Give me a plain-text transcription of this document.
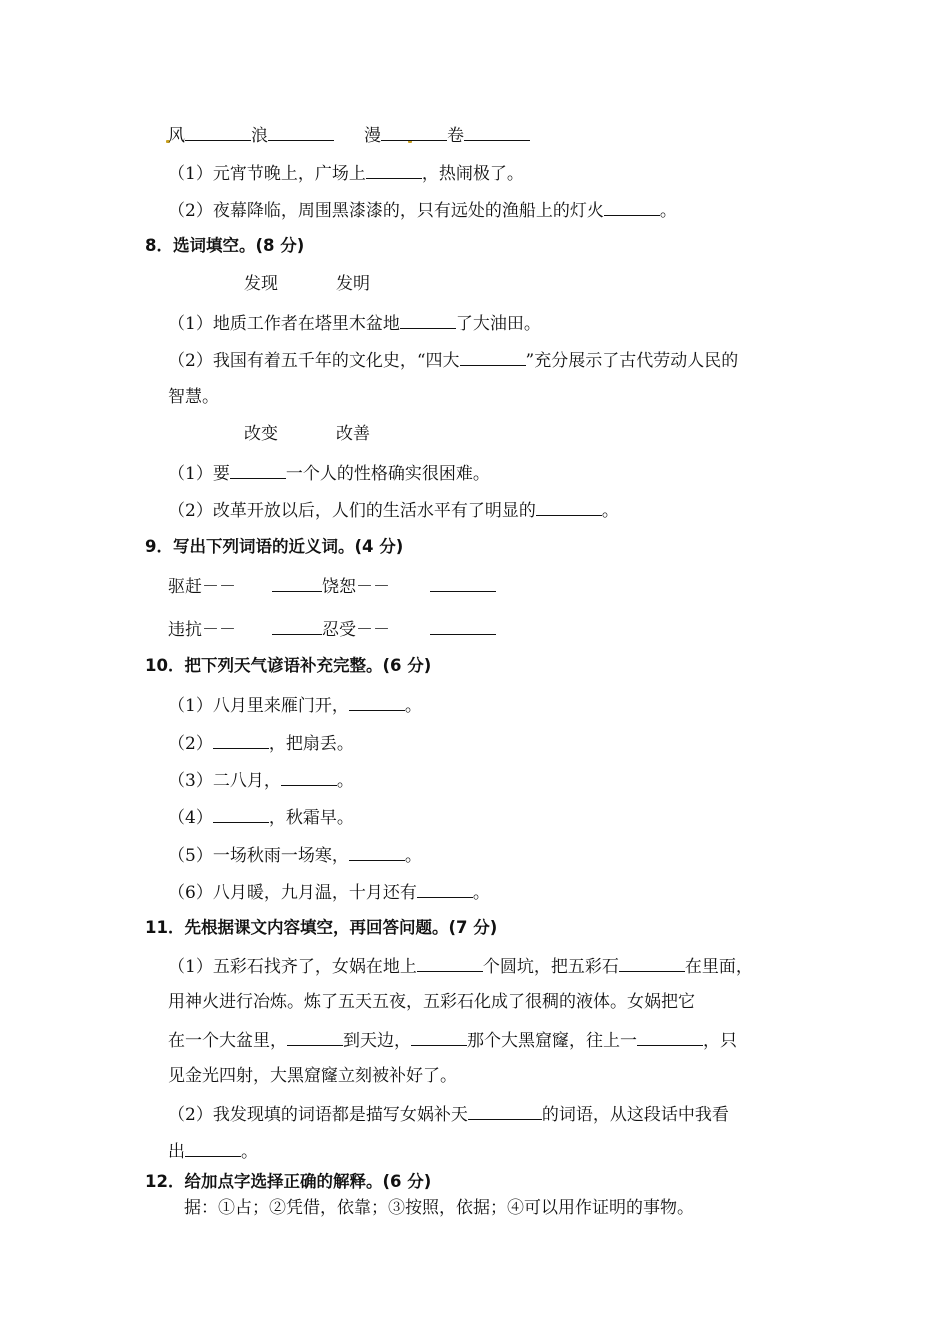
风	浪	漫	卷
（1）元宵节晚上，广场上	，热闹极了。
（2）夜幕降临，周围黑漆漆的，只有远处的渔船上的灯火	。
8．选词填空。(8 分)
发现	发明
（1）地质工作者在塔里木盆地	了大油田。
（2）我国有着五千年的文化史，“四大	”充分展示了古代劳动人民的
智慧。
改变	改善
（1）要	一个人的性格确实很困难。
（2）改革开放以后，人们的生活水平有了明显的	。
9．写出下列词语的近义词。(4 分)
驱赶－－	饶恕－－
违抗－－	忍受－－
10．把下列天气谚语补充完整。(6 分)
（1）八月里来雁门开，	。
（2）	，把扇丢。
（3）二八月，	。
（4）	，秋霜早。
（5）一场秋雨一场寒，	。
（6）八月暖，九月温，十月还有	。
11．先根据课文内容填空，再回答问题。(7 分)
（1）五彩石找齐了，女娲在地上	个圆坑，把五彩石	在里面，
用神火进行冶炼。炼了五天五夜，五彩石化成了很稠的液体。女娲把它
在一个大盆里，	到天边，	那个大黑窟窿，往上一	，只
见金光四射，大黑窟窿立刻被补好了。
（2）我发现填的词语都是描写女娲补天	的词语，从这段话中我看
出	。
12．给加点字选择正确的解释。(6 分)
据：①占；②凭借，依靠；③按照，依据；④可以用作证明的事物。
